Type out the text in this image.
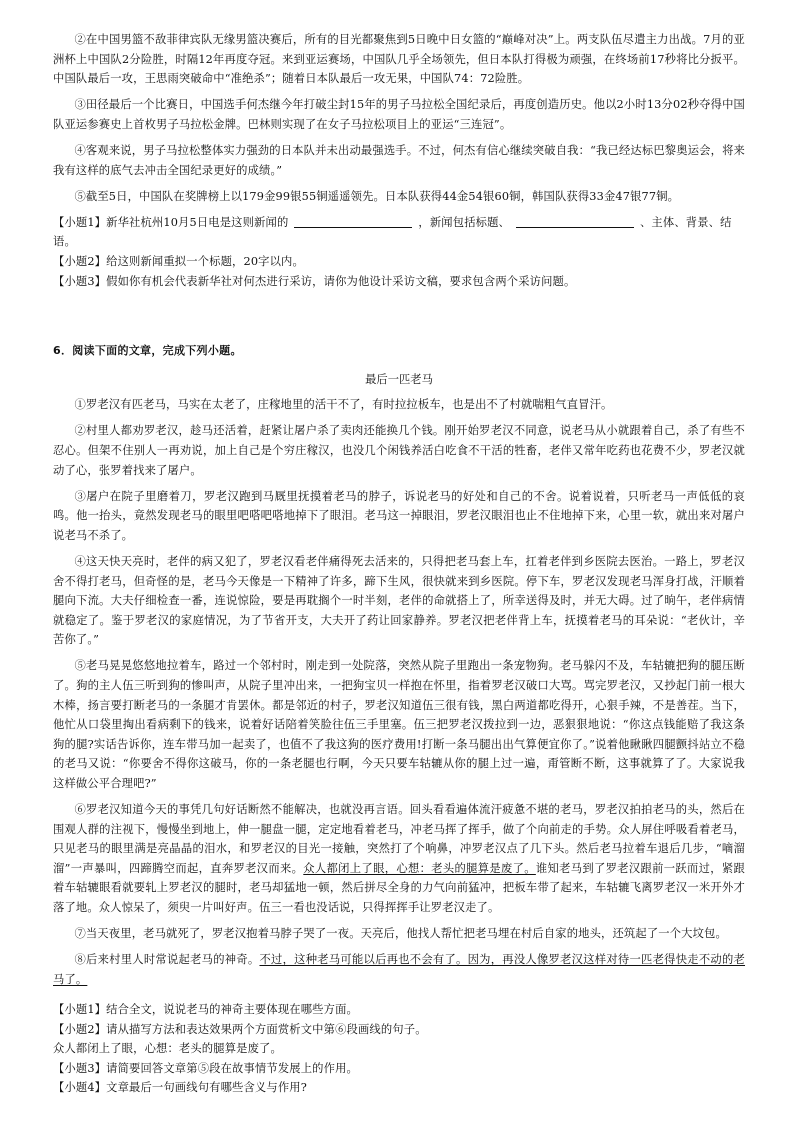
②在中国男篮不敌菲律宾队无缘男篮决赛后，所有的目光都聚焦到5日晚中日女篮的“巅峰对决”上。两支队伍尽遣主力出战。7月的亚洲杯上中国队2分险胜，时隔12年再度夺冠。来到亚运赛场，中国队几乎全场领先，但日本队打得极为顽强，在终场前17秒将比分扳平。中国队最后一攻，王思雨突破命中“准绝杀”；随着日本队最后一攻无果，中国队74：72险胜。

③田径最后一个比赛日，中国选手何杰继今年打破尘封15年的男子马拉松全国纪录后，再度创造历史。他以2小时13分02秒夺得中国队亚运参赛史上首枚男子马拉松金牌。巴林则实现了在女子马拉松项目上的亚运“三连冠”。

④客观来说，男子马拉松整体实力强劲的日本队并未出动最强选手。不过，何杰有信心继续突破自我：“我已经达标巴黎奥运会，将来我有这样的底气去冲击全国纪录更好的成绩。”

⑤截至5日，中国队在奖牌榜上以179金99银55铜遥遥领先。日本队获得44金54银60铜，韩国队获得33金47银77铜。

【小题1】新华社杭州10月5日电是这则新闻的	，新闻包括标题、	、主体、背景、结语。

【小题2】给这则新闻重拟一个标题，20字以内。

【小题3】假如你有机会代表新华社对何杰进行采访，请你为他设计采访文稿，要求包含两个采访问题。

6．阅读下面的文章，完成下列小题。
最后一匹老马

①罗老汉有匹老马，马实在太老了，庄稼地里的活干不了，有时拉拉板车，也是出不了村就喘粗气直冒汗。

②村里人都劝罗老汉，趁马还活着，赶紧让屠户杀了卖肉还能换几个钱。刚开始罗老汉不同意，说老马从小就跟着自己，杀了有些不忍心。但架不住别人一再劝说，加上自己是个穷庄稼汉，也没几个闲钱养活白吃食不干活的牲畜，老伴又常年吃药也花费不少，罗老汉就动了心，张罗着找来了屠户。

③屠户在院子里磨着刀，罗老汉跑到马厩里抚摸着老马的脖子，诉说老马的好处和自己的不舍。说着说着，只听老马一声低低的哀鸣。他一抬头，竟然发现老马的眼里吧嗒吧嗒地掉下了眼泪。老马这一掉眼泪，罗老汉眼泪也止不住地掉下来，心里一软，就出来对屠户说老马不杀了。

④这天快天亮时，老伴的病又犯了，罗老汉看老伴痛得死去活来的，只得把老马套上车，扛着老伴到乡医院去医治。一路上，罗老汉舍不得打老马，但奇怪的是，老马今天像是一下精神了许多，蹄下生风，很快就来到乡医院。停下车，罗老汉发现老马浑身打战，汗顺着腿向下流。大夫仔细检查一番，连说惊险，要是再耽搁个一时半刻，老伴的命就搭上了，所幸送得及时，并无大碍。过了晌午，老伴病情就稳定了。鉴于罗老汉的家庭情况，为了节省开支，大夫开了药让回家静养。罗老汉把老伴背上车，抚摸着老马的耳朵说：“老伙计，辛苦你了。”

⑤老马晃晃悠悠地拉着车，路过一个邻村时，刚走到一处院落，突然从院子里跑出一条宠物狗。老马躲闪不及，车轱辘把狗的腿压断了。狗的主人伍三听到狗的惨叫声，从院子里冲出来，一把狗宝贝一样抱在怀里，指着罗老汉破口大骂。骂完罗老汉，又抄起门前一根大木棒，扬言要打断老马的一条腿才肯罢休。都是邻近的村子，罗老汉知道伍三很有钱，黑白两道都吃得开，心狠手辣，不是善茬。当下，他忙从口袋里掏出看病剩下的钱来，说着好话陪着笑脸往伍三手里塞。伍三把罗老汉拨拉到一边，恶狠狠地说：“你这点钱能赔了我这条狗的腿?实话告诉你，连车带马加一起卖了，也值不了我这狗的医疗费用!打断一条马腿出出气算便宜你了。”说着他瞅瞅四腿颤抖站立不稳的老马又说：“你要舍不得你这破马，你的一条老腿也行啊，今天只要车轱辘从你的腿上过一遍，甭管断不断，这事就算了了。大家说我这样做公平合理吧?”

⑥罗老汉知道今天的事凭几句好话断然不能解决，也就没再言语。回头看看遍体流汗疲惫不堪的老马，罗老汉拍拍老马的头，然后在围观人群的注视下，慢慢坐到地上，伸一腿盘一腿，定定地看着老马，冲老马挥了挥手，做了个向前走的手势。众人屏住呼吸看着老马，只见老马的眼里满是亮晶晶的泪水，和罗老汉的目光一接触，突然打了个响鼻，冲罗老汉点了几下头。然后老马拉着车退后几步，“嘀溜溜”一声暴叫，四蹄腾空而起，直奔罗老汉而来。众人都闭上了眼，心想：老头的腿算是废了。谁知老马到了罗老汉跟前一跃而过，紧跟着车轱辘眼看就要轧上罗老汉的腿时，老马却猛地一顿，然后拼尽全身的力气向前猛冲，把板车带了起来，车轱辘飞离罗老汉一米开外才落了地。众人惊呆了，须臾一片叫好声。伍三一看也没话说，只得挥挥手让罗老汉走了。

⑦当天夜里，老马就死了，罗老汉抱着马脖子哭了一夜。天亮后，他找人帮忙把老马埋在村后自家的地头，还筑起了一个大坟包。

⑧后来村里人时常说起老马的神奇。不过，这种老马可能以后再也不会有了。因为，再没人像罗老汉这样对待一匹老得快走不动的老马了。

【小题1】结合全文，说说老马的神奇主要体现在哪些方面。

【小题2】请从描写方法和表达效果两个方面赏析文中第⑥段画线的句子。

众人都闭上了眼，心想：老头的腿算是废了。

【小题3】请简要回答文章第⑤段在故事情节发展上的作用。

【小题4】文章最后一句画线句有哪些含义与作用?
